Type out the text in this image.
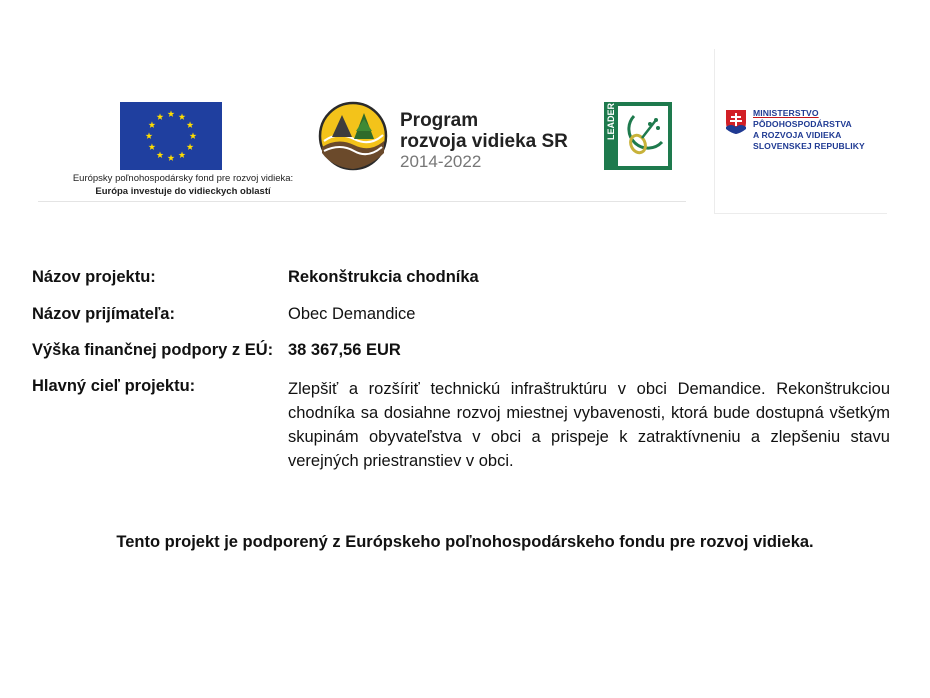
Európsky poľnohospodársky fond pre rozvoj vidieka:
Európa investuje do vidieckych oblastí
Program
rozvoja vidieka SR
2014-2022
LEADER	MINISTERSTVO
PÔDOHOSPODÁRSTVA
A ROZVOJA VIDIEKA
SLOVENSKEJ REPUBLIKY
Názov projektu:	Rekonštrukcia chodníka
Názov prijímateľa:	Obec Demandice
Výška finančnej podpory z EÚ: 38 367,56 EUR
Hlavný cieľ projektu:	Zlepšiť a rozšíriť technickú infraštruktúru v obci Demandice. Rekonštrukciou chodníka sa dosiahne rozvoj miestnej vybavenosti, ktorá bude dostupná všetkým skupinám obyvateľstva v obci a prispeje k zatraktívneniu a zlepšeniu stavu verejných priestranstiev v obci.
Tento projekt je podporený z Európskeho poľnohospodárskeho fondu pre rozvoj vidieka.
